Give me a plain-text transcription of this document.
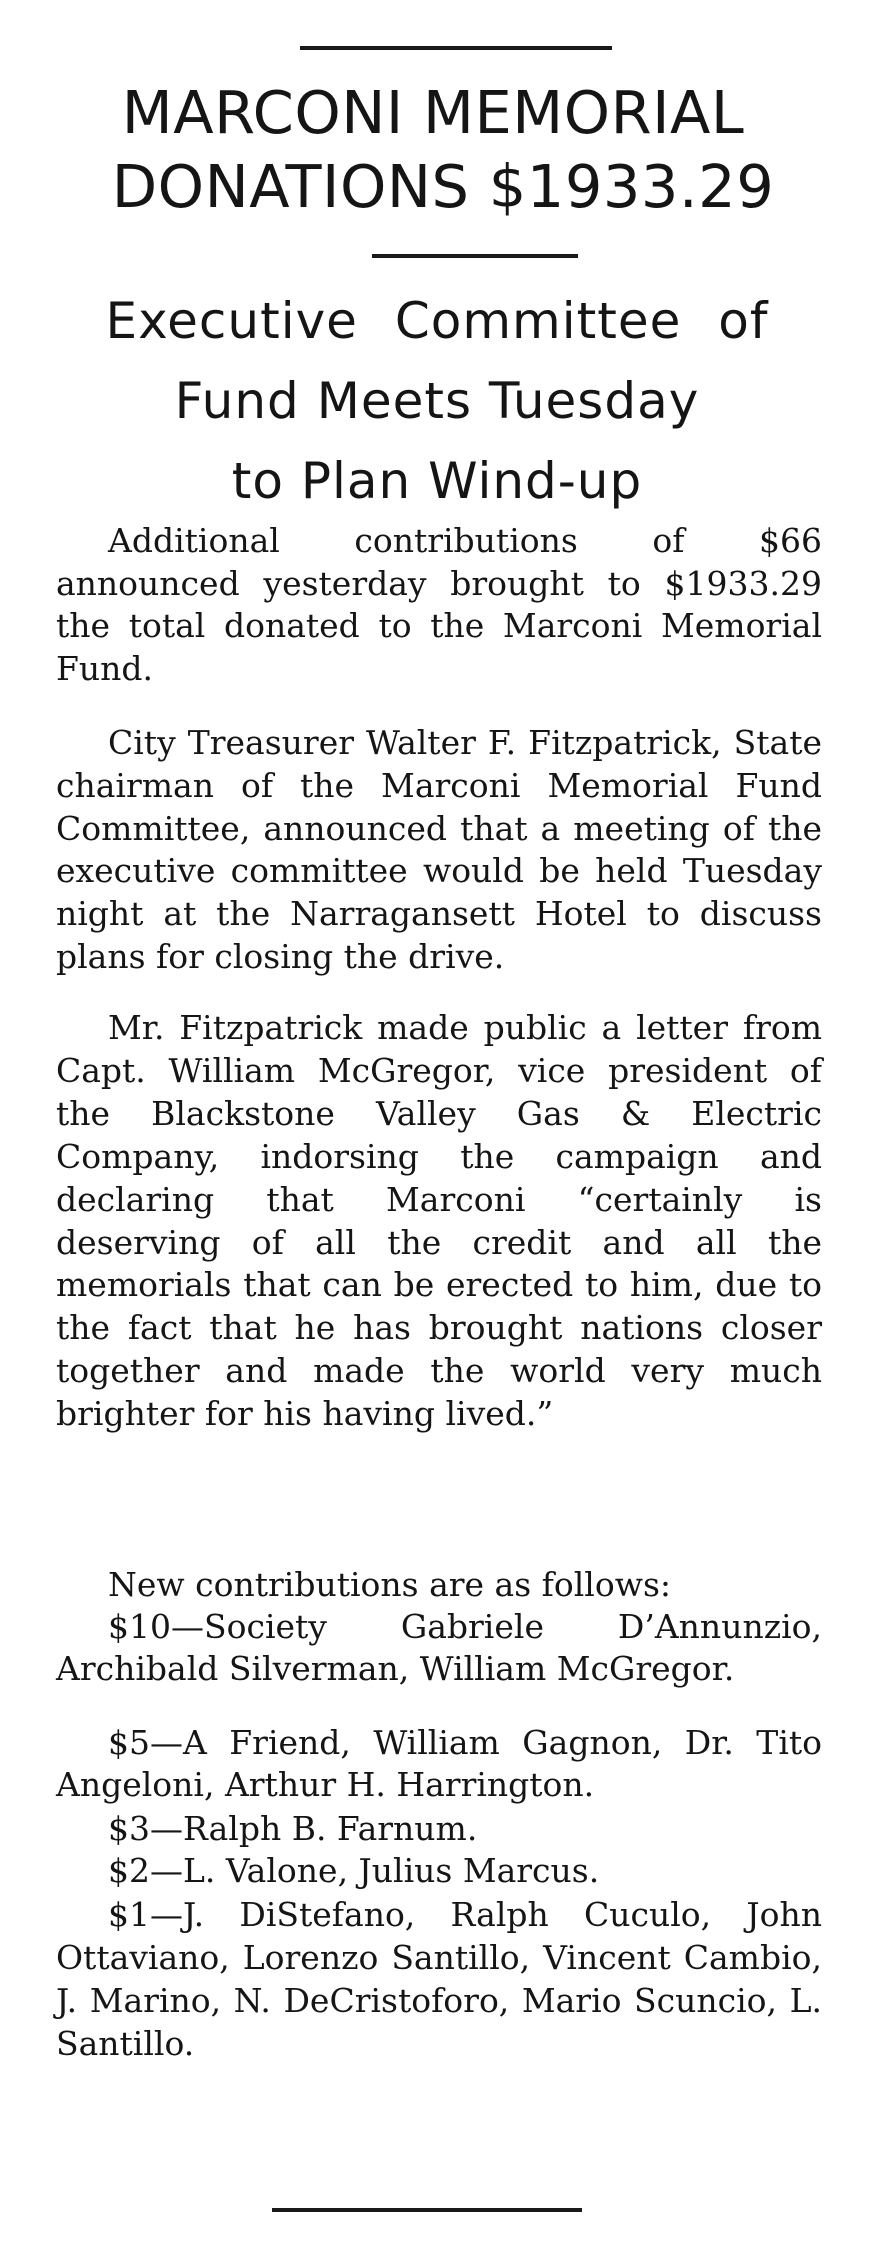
MARCONI MEMORIAL
DONATIONS $1933.29
Executive Committee of
Fund Meets Tuesday
to Plan Wind-up

Additional contributions of $66 announced yesterday brought to $1933.29 the total donated to the Marconi Memorial Fund.

City Treasurer Walter F. Fitzpatrick, State chairman of the Marconi Memorial Fund Committee, announced that a meeting of the executive committee would be held Tuesday night at the Narragansett Hotel to discuss plans for closing the drive.

Mr. Fitzpatrick made public a letter from Capt. William McGregor, vice president of the Blackstone Valley Gas & Electric Company, indorsing the campaign and declaring that Marconi “certainly is deserving of all the credit and all the memorials that can be erected to him, due to the fact that he has brought nations closer together and made the world very much brighter for his having lived.”

New contributions are as follows:

$10—Society Gabriele D’Annunzio, Archibald Silverman, William McGregor.

$5—A Friend, William Gagnon, Dr. Tito Angeloni, Arthur H. Harrington.

$3—Ralph B. Farnum.

$2—L. Valone, Julius Marcus.

$1—J. DiStefano, Ralph Cuculo, John Ottaviano, Lorenzo Santillo, Vincent Cambio, J. Marino, N. DeCristoforo, Mario Scuncio, L. Santillo.
